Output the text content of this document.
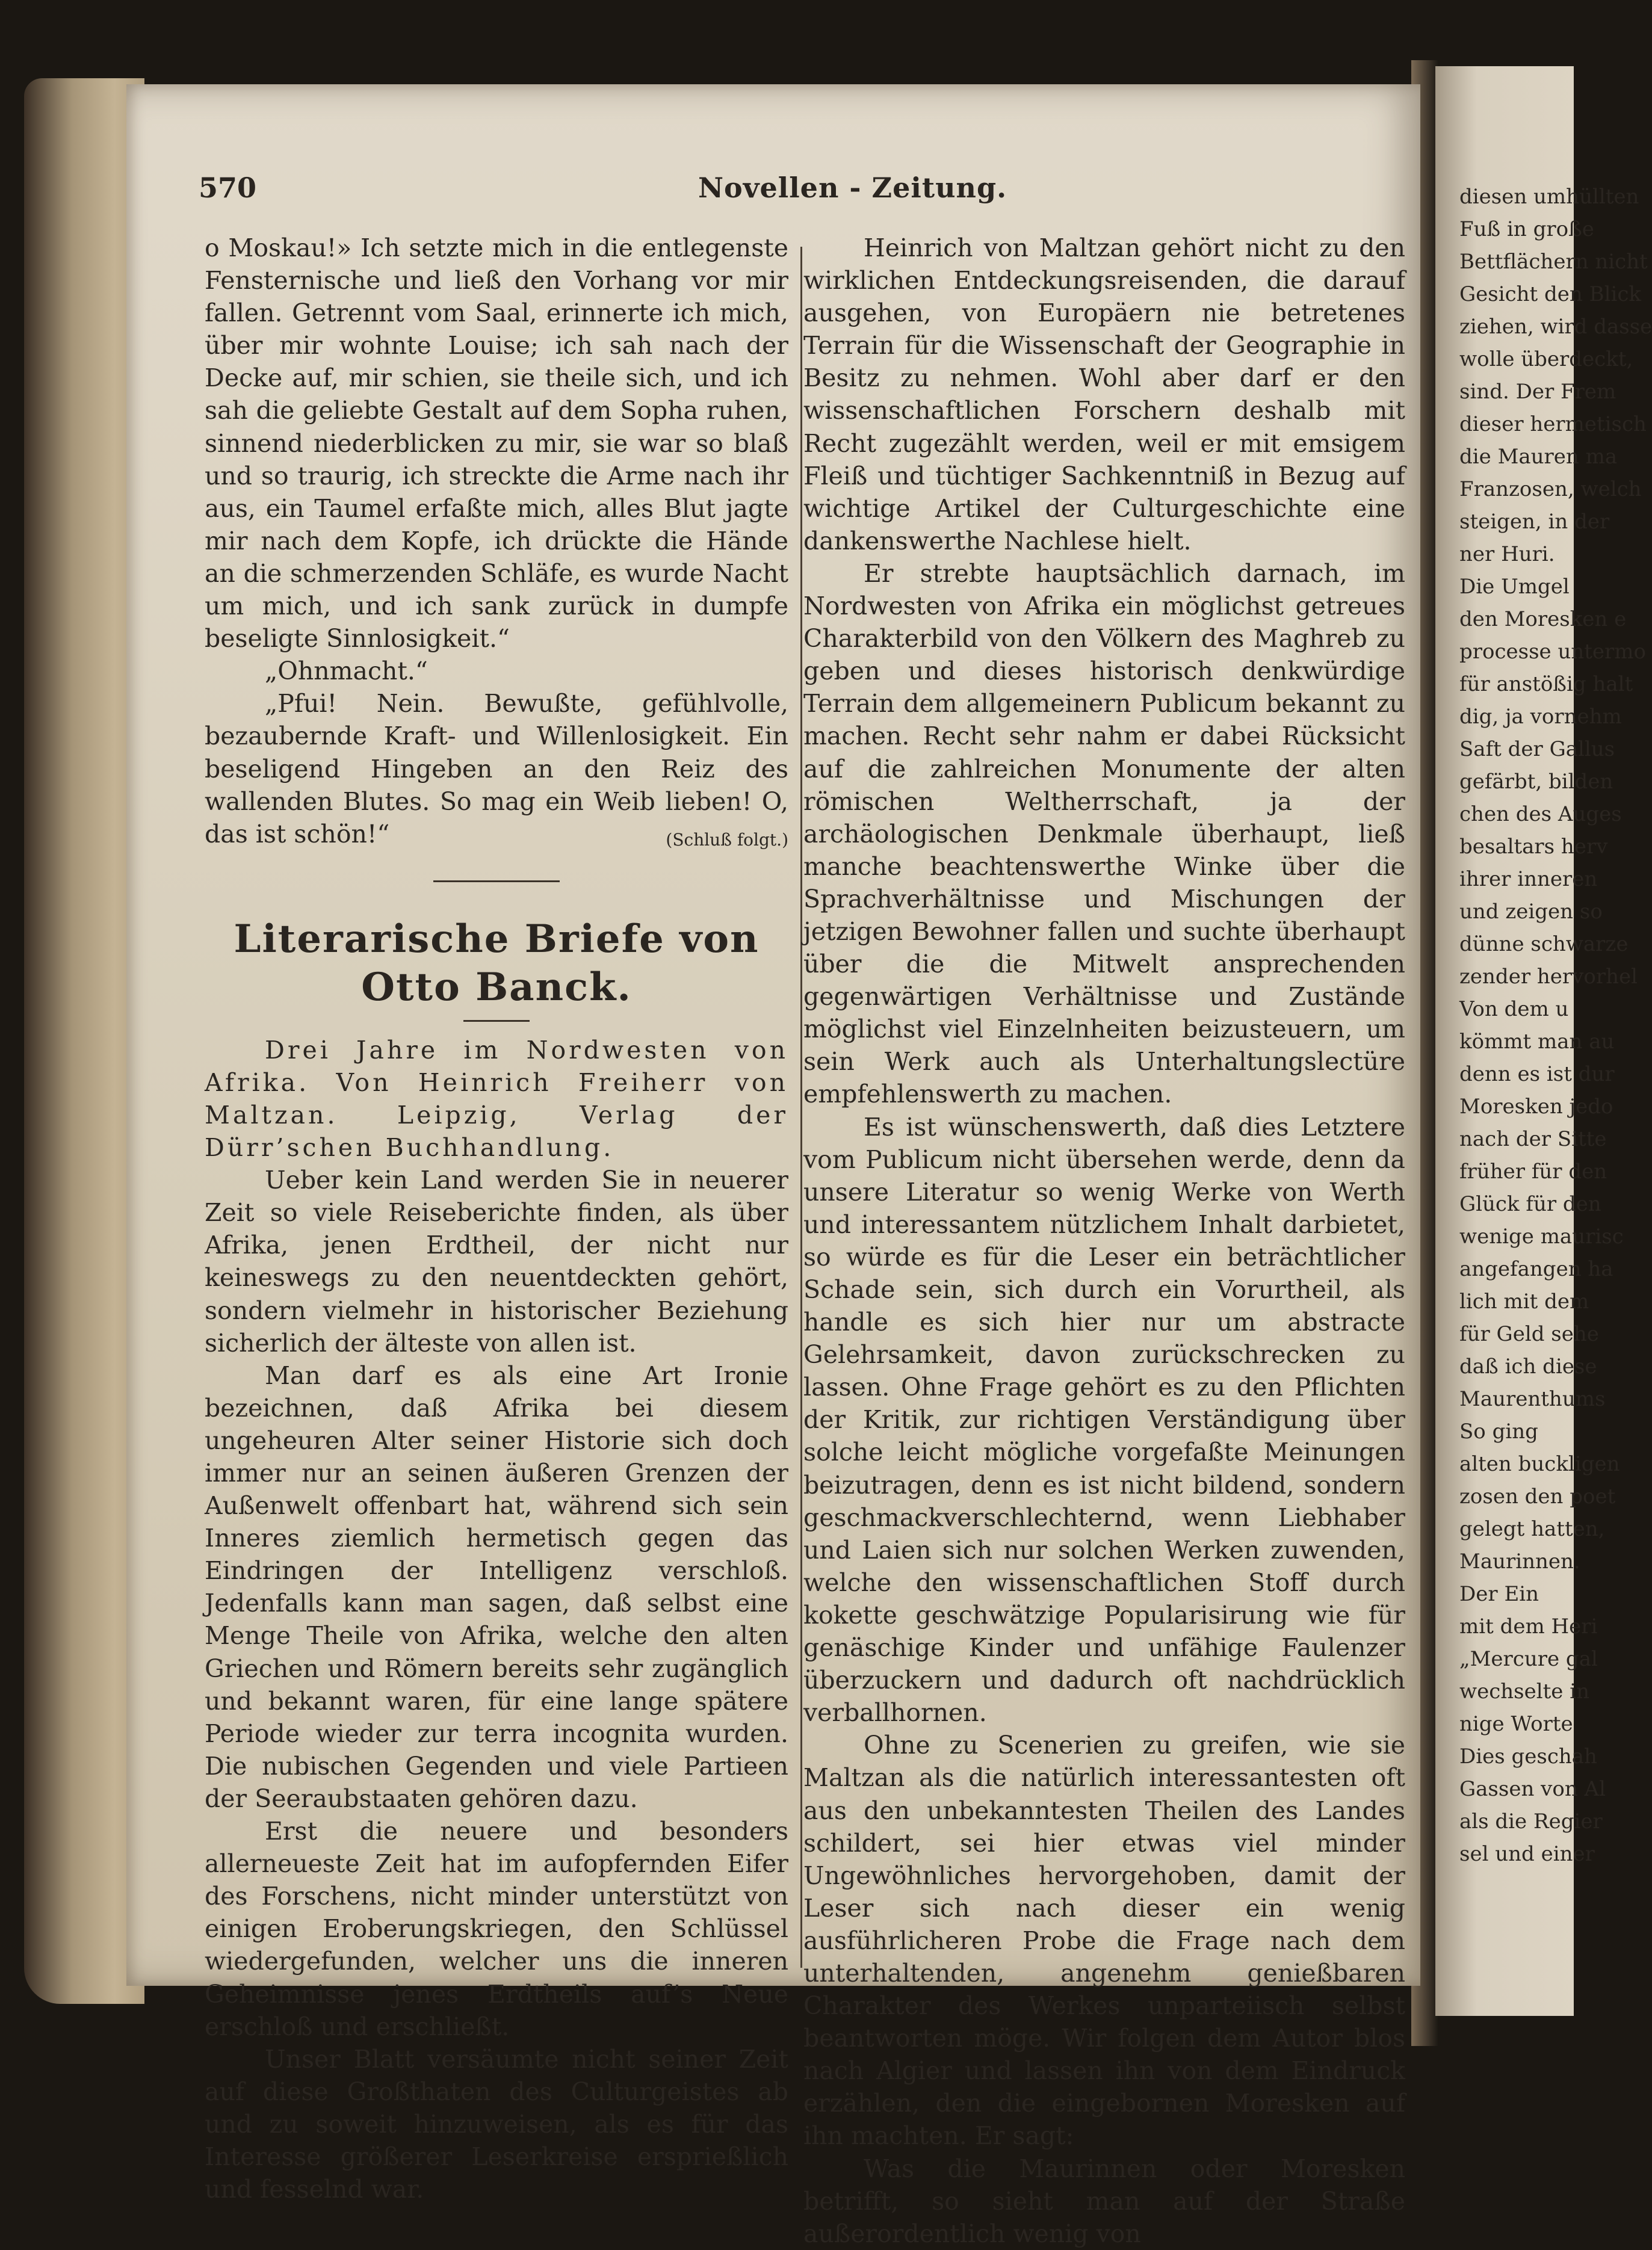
570	Novellen - Zeitung.

o Moskau!» Ich setzte mich in die entlegenste Fensternische und ließ den Vorhang vor mir fallen. Getrennt vom Saal, erinnerte ich mich, über mir wohnte Louise; ich sah nach der Decke auf, mir schien, sie theile sich, und ich sah die geliebte Gestalt auf dem Sopha ruhen, sinnend niederblicken zu mir, sie war so blaß und so traurig, ich streckte die Arme nach ihr aus, ein Taumel erfaßte mich, alles Blut jagte mir nach dem Kopfe, ich drückte die Hände an die schmerzenden Schläfe, es wurde Nacht um mich, und ich sank zurück in dumpfe beseligte Sinnlosigkeit.“

„Ohnmacht.“

„Pfui! Nein. Bewußte, gefühlvolle, bezaubernde Kraft- und Willenlosigkeit. Ein beseligend Hingeben an den Reiz des wallenden Blutes. So mag ein Weib lieben! O, das ist schön!“	(Schluß folgt.)

Literarische Briefe von Otto Banck.

Drei Jahre im Nordwesten von Afrika. Von Heinrich Freiherr von Maltzan. Leipzig, Verlag der Dürr’schen Buchhandlung.

Ueber kein Land werden Sie in neuerer Zeit so viele Reiseberichte finden, als über Afrika, jenen Erdtheil, der nicht nur keineswegs zu den neuentdeckten gehört, sondern vielmehr in historischer Beziehung sicherlich der älteste von allen ist.

Man darf es als eine Art Ironie bezeichnen, daß Afrika bei diesem ungeheuren Alter seiner Historie sich doch immer nur an seinen äußeren Grenzen der Außenwelt offenbart hat, während sich sein Inneres ziemlich hermetisch gegen das Eindringen der Intelligenz verschloß. Jedenfalls kann man sagen, daß selbst eine Menge Theile von Afrika, welche den alten Griechen und Römern bereits sehr zugänglich und bekannt waren, für eine lange spätere Periode wieder zur terra incognita wurden. Die nubischen Gegenden und viele Partieen der Seeraubstaaten gehören dazu.

Erst die neuere und besonders allerneueste Zeit hat im aufopfernden Eifer des Forschens, nicht minder unterstützt von einigen Eroberungskriegen, den Schlüssel wiedergefunden, welcher uns die inneren Geheimnisse jenes Erdtheils auf’s Neue erschloß und erschließt.

Unser Blatt versäumte nicht seiner Zeit auf diese Großthaten des Culturgeistes ab und zu soweit hinzuweisen, als es für das Interesse größerer Leserkreise ersprießlich und fesselnd war.

Heinrich von Maltzan gehört nicht zu den wirklichen Entdeckungsreisenden, die darauf ausgehen, von Europäern nie betretenes Terrain für die Wissenschaft der Geographie in Besitz zu nehmen. Wohl aber darf er den wissenschaftlichen Forschern deshalb mit Recht zugezählt werden, weil er mit emsigem Fleiß und tüchtiger Sachkenntniß in Bezug auf wichtige Artikel der Culturgeschichte eine dankenswerthe Nachlese hielt.

Er strebte hauptsächlich darnach, im Nordwesten von Afrika ein möglichst getreues Charakterbild von den Völkern des Maghreb zu geben und dieses historisch denkwürdige Terrain dem allgemeinern Publicum bekannt zu machen. Recht sehr nahm er dabei Rücksicht auf die zahlreichen Monumente der alten römischen Weltherrschaft, ja der archäologischen Denkmale überhaupt, ließ manche beachtenswerthe Winke über die Sprachverhältnisse und Mischungen der jetzigen Bewohner fallen und suchte überhaupt über die die Mitwelt ansprechenden gegenwärtigen Verhältnisse und Zustände möglichst viel Einzelnheiten beizusteuern, um sein Werk auch als Unterhaltungslectüre empfehlenswerth zu machen.

Es ist wünschenswerth, daß dies Letztere vom Publicum nicht übersehen werde, denn da unsere Literatur so wenig Werke von Werth und interessantem nützlichem Inhalt darbietet, so würde es für die Leser ein beträchtlicher Schade sein, sich durch ein Vorurtheil, als handle es sich hier nur um abstracte Gelehrsamkeit, davon zurückschrecken zu lassen. Ohne Frage gehört es zu den Pflichten der Kritik, zur richtigen Verständigung über solche leicht mögliche vorgefaßte Meinungen beizutragen, denn es ist nicht bildend, sondern geschmackverschlechternd, wenn Liebhaber und Laien sich nur solchen Werken zuwenden, welche den wissenschaftlichen Stoff durch kokette geschwätzige Popularisirung wie für genäschige Kinder und unfähige Faulenzer überzuckern und dadurch oft nachdrücklich verballhornen.

Ohne zu Scenerien zu greifen, wie sie Maltzan als die natürlich interessantesten oft aus den unbekanntesten Theilen des Landes schildert, sei hier etwas viel minder Ungewöhnliches hervorgehoben, damit der Leser sich nach dieser ein wenig ausführlicheren Probe die Frage nach dem unterhaltenden, angenehm genießbaren Charakter des Werkes unparteiisch selbst beantworten möge. Wir folgen dem Autor blos nach Algier und lassen ihn von dem Eindruck erzählen, den die eingebornen Moresken auf ihn machten. Er sagt:

Was die Maurinnen oder Moresken betrifft, so sieht man auf der Straße außerordentlich wenig von

diesen umhüllten
Fuß in große
Bettflächern nicht
Gesicht den Blick
ziehen, wird dasse
wolle überdeckt,
sind. Der Frem
dieser hermetisch
die Mauren ma
Franzosen, welch
steigen, in der
ner Huri.
Die Umgel
den Moresken e
processe untermo
für anstößig halt
dig, ja vornehm
Saft der Gallus
gefärbt, bilden
chen des Auges
besaltars herv
ihrer inneren
und zeigen so
dünne schwarze
zender hervorhel
Von dem u
kömmt man au
denn es ist dur
Moresken jedo
nach der Sitte
früher für den
Glück für den
wenige maurisc
angefangen ha
lich mit dem
für Geld sehe
daß ich diese
Maurenthums
So ging
alten buckligen
zosen den poet
gelegt hatten,
Maurinnen.
Der Ein
mit dem Heri
„Mercure gal
wechselte in
nige Worte
Dies geschah
Gassen von Al
als die Regier
sel und einer
